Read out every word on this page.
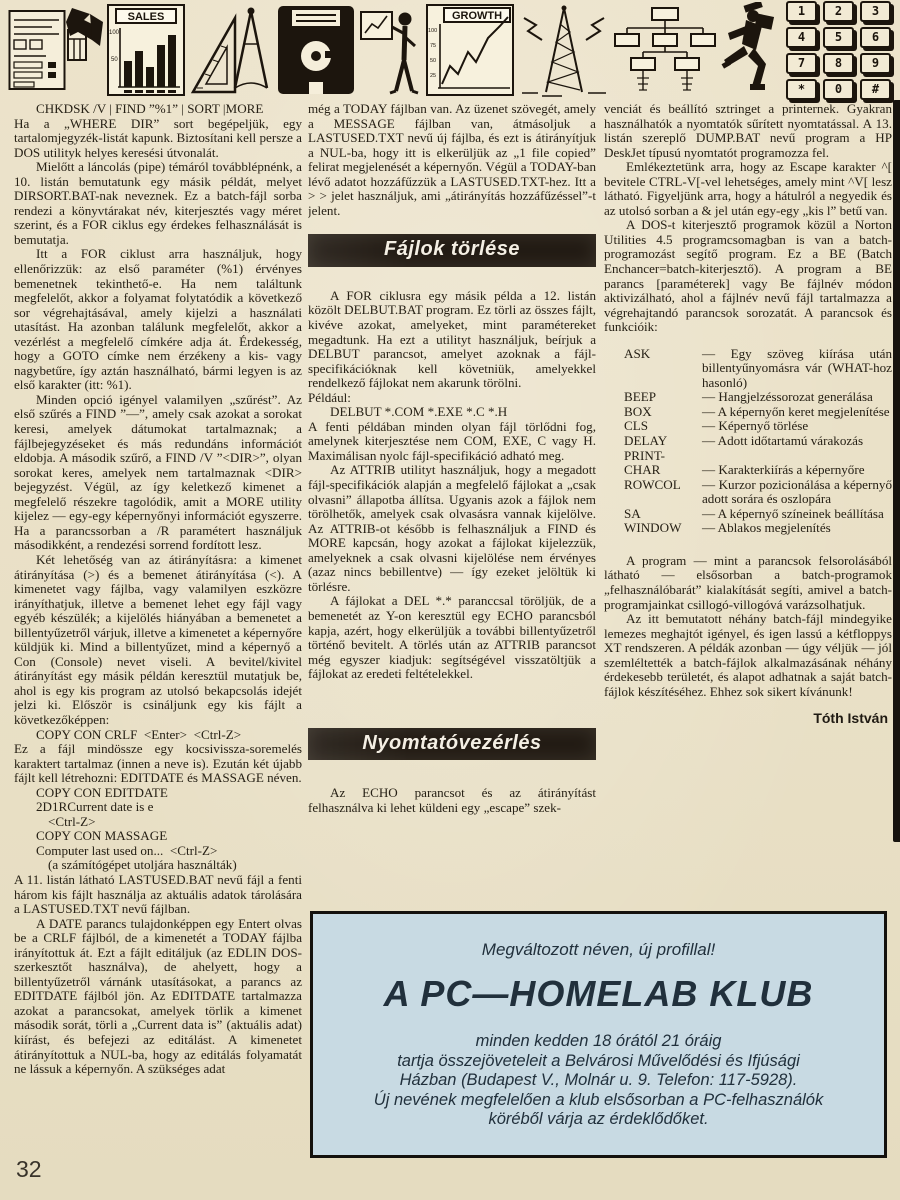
SALES
100
50
GROWTH
100
75
50
25
1 2 3
4 5 6
7 8 9
* 0 #

CHKDSK /V | FIND ”%1” | SORT |MORE

Ha a „WHERE DIR” sort begépeljük, egy tartalomjegyzék-listát kapunk. Biztosítani kell persze a DOS utilityk helyes keresési útvonalát.

Mielőtt a láncolás (pipe) témáról továbblépnénk, a 10. listán bemutatunk egy másik példát, melyet DIRSORT.BAT-nak neveznek. Ez a batch-fájl sorba rendezi a könyvtárakat név, kiterjesztés vagy méret szerint, és a FOR ciklus egy érdekes felhasználását is bemutatja.

Itt a FOR ciklust arra használjuk, hogy ellenőrizzük: az első paraméter (%1) érvényes bemenetnek tekinthető-e. Ha nem találtunk megfelelőt, akkor a folyamat folytatódik a következő sor végrehajtásával, amely kijelzi a használati utasítást. Ha azonban találunk megfelelőt, akkor a vezérlést a megfelelő címkére adja át. Érdekesség, hogy a GOTO címke nem érzékeny a kis- vagy nagybetűre, így aztán használható, bármi legyen is az első karakter (itt: %1).

Minden opció igényel valamilyen „szűrést”. Az első szűrés a FIND ”—”, amely csak azokat a sorokat keresi, amelyek dátumokat tartalmaznak; a fájlbejegyzéseket és más redundáns információt eldobja. A második szűrő, a FIND /V ”<DIR>”, olyan sorokat keres, amelyek nem tartalmaznak <DIR> bejegyzést. Végül, az így keletkező kimenet a megfelelő részekre tagolódik, amit a MORE utility kijelez — egy-egy képernyőnyi információt egyszerre. Ha a parancssorban a /R paramétert használjuk másodikként, a rendezési sorrend fordított lesz.

Két lehetőség van az átirányításra: a kimenet átirányítása (>) és a bemenet átirányítása (<). A kimenetet vagy fájlba, vagy valamilyen eszközre irányíthatjuk, illetve a bemenet lehet egy fájl vagy egyéb készülék; a kijelölés hiányában a bemenetet a billentyűzetről várjuk, illetve a kimenetet a képernyőre küldjük ki. Mind a billentyűzet, mind a képernyő a Con (Console) nevet viseli. A bevitel/kivitel átirányítást egy másik példán keresztül mutatjuk be, ahol is egy kis program az utolsó bekapcsolás idejét jelzi ki. Először is csináljunk egy kis fájlt a következőképpen:

COPY CON CRLF  <Enter>  <Ctrl-Z>

Ez a fájl mindössze egy kocsivissza-soremelés karaktert tartalmaz (innen a neve is). Ezután két újabb fájlt kell létrehozni: EDITDATE és MASSAGE néven.

COPY CON EDITDATE

2D1RCurrent date is e

<Ctrl-Z>

COPY CON MASSAGE

Computer last used on...  <Ctrl-Z>

(a számítógépet utoljára használták)

A 11. listán látható LASTUSED.BAT nevű fájl a fenti három kis fájlt használja az aktuális adatok tárolására a LASTUSED.TXT nevű fájlban.

A DATE parancs tulajdonképpen egy Entert olvas be a CRLF fájlból, de a kimenetét a TODAY fájlba irányítottuk át. Ezt a fájlt editáljuk (az EDLIN DOS-szerkesztőt használva), de ahelyett, hogy a billentyűzetről várnánk utasításokat, a parancs az EDITDATE fájlból jön. Az EDITDATE tartalmazza azokat a parancsokat, amelyek törlik a kimenet második sorát, törli a „Current data is” (aktuális adat) kiírást, és befejezi az editálást. A kimenetet átirányítottuk a NUL-ba, hogy az editálás folyamatát ne lássuk a képernyőn. A szükséges adat

még a TODAY fájlban van. Az üzenet szövegét, amely a MESSAGE fájlban van, átmásoljuk a LASTUSED.TXT nevű új fájlba, és ezt is átirányítjuk a NUL-ba, hogy itt is elkerüljük az „1 file copied” felirat megjelenését a képernyőn. Végül a TODAY-ban lévő adatot hozzáfűzzük a LASTUSED.TXT-hez. Itt a > > jelet használjuk, ami „átirányítás hozzáfűzéssel”-t jelent.

Fájlok törlése

A FOR ciklusra egy másik példa a 12. listán közölt DELBUT.BAT program. Ez törli az összes fájlt, kivéve azokat, amelyeket, mint paramétereket megadtunk. Ha ezt a utilityt használjuk, beírjuk a DELBUT parancsot, amelyet azoknak a fájl-specifikációknak kell követniük, amelyekkel rendelkező fájlokat nem akarunk törölni.

Például:

DELBUT *.COM *.EXE *.C *.H

A fenti példában minden olyan fájl törlődni fog, amelynek kiterjesztése nem COM, EXE, C vagy H. Maximálisan nyolc fájl-specifikáció adható meg.

Az ATTRIB utilityt használjuk, hogy a megadott fájl-specifikációk alapján a megfelelő fájlokat a „csak olvasni” állapotba állítsa. Ugyanis azok a fájlok nem törölhetők, amelyek csak olvasásra vannak kijelölve. Az ATTRIB-ot később is felhasználjuk a FIND és MORE kapcsán, hogy azokat a fájlokat kijelezzük, amelyeknek a csak olvasni kijelölése nem érvényes (azaz nincs bebillentve) — így ezeket jelöltük ki törlésre.

A fájlokat a DEL *.* paranccsal töröljük, de a bemenetét az Y-on keresztül egy ECHO parancsból kapja, azért, hogy elkerüljük a további billentyűzetről történő bevitelt. A törlés után az ATTRIB parancsot még egyszer kiadjuk: segítségével visszatöltjük a fájlokat az eredeti feltételekkel.

Nyomtatóvezérlés

Az ECHO parancsot és az átirányítást felhasználva ki lehet küldeni egy „escape” szek-

venciát és beállító sztringet a printernek. Gyakran használhatók a nyomtatók sűrített nyomtatással. A 13. listán szereplő DUMP.BAT nevű program a HP DeskJet típusú nyomtatót programozza fel.

Emlékeztetünk arra, hogy az Escape karakter ^[ bevitele CTRL-V[-vel lehetséges, amely mint ^V[ lesz látható. Figyeljünk arra, hogy a hátulról a negyedik és az utolsó sorban a & jel után egy-egy „kis l” betű van.

A DOS-t kiterjesztő programok közül a Norton Utilities 4.5 programcsomagban is van a batch-programozást segítő program. Ez a BE (Batch Enchancer=batch-kiterjesztő). A program a BE parancs [paraméterek] vagy Be fájlnév módon aktivizálható, ahol a fájlnév nevű fájl tartalmazza a végrehajtandó parancsok sorozatát. A parancsok és funkcióik:

ASK	— Egy szöveg kiírása után billentyűnyomásra vár (WHAT-hoz hasonló)
BEEP	— Hangjelzéssorozat generálása
BOX	— A képernyőn keret megjelenítése
CLS	— Képernyő törlése
DELAY	— Adott időtartamú várakozás
PRINT-
CHAR	— Karakterkiírás a képernyőre
ROWCOL	— Kurzor pozicionálása a képernyő adott sorára és oszlopára
SA	— A képernyő színeinek beállítása
WINDOW	— Ablakos megjelenítés

A program — mint a parancsok felsorolásából látható — elsősorban a batch-programok „felhasználóbarát” kialakítását segíti, amivel a batch-programjainkat csillogó-villogóvá varázsolhatjuk.

Az itt bemutatott néhány batch-fájl mindegyike lemezes meghajtót igényel, és igen lassú a kétfloppys XT rendszeren. A példák azonban — úgy véljük — jól szemléltették a batch-fájlok alkalmazásának néhány érdekesebb területét, és alapot adhatnak a saját batch-fájlok készítéséhez. Ehhez sok sikert kívánunk!

Tóth István
Megváltozott néven, új profillal!
A PC—HOMELAB KLUB
minden kedden 18 órától 21 óráig
tartja összejöveteleit a Belvárosi Művelődési és Ifjúsági
Házban (Budapest V., Molnár u. 9. Telefon: 117-5928).
Új nevének megfelelően a klub elsősorban a PC-felhasználók
köréből várja az érdeklődőket.
32
